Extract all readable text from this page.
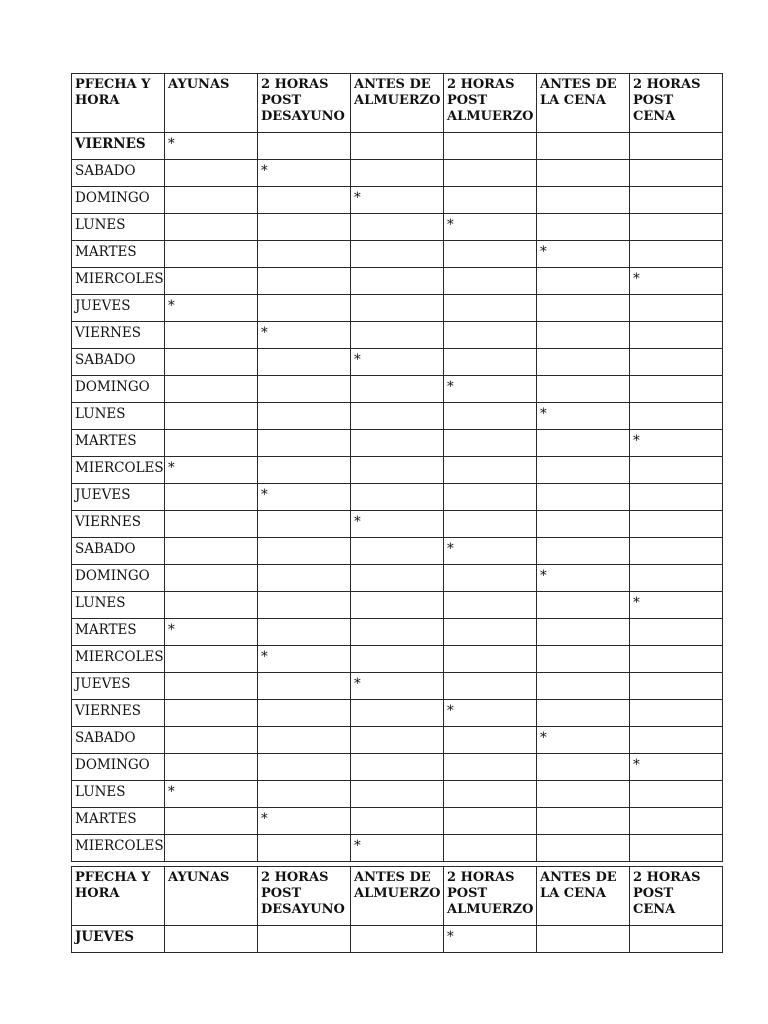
PFECHA Y HORA	AYUNAS	2 HORAS POST DESAYUNO	ANTES DE ALMUERZO	2 HORAS POST ALMUERZO	ANTES DE LA CENA	2 HORAS POST CENA
VIERNES	*					
SABADO		*				
DOMINGO			*			
LUNES				*		
MARTES					*	
MIERCOLES						*
JUEVES	*					
VIERNES		*				
SABADO			*			
DOMINGO				*		
LUNES					*	
MARTES						*
MIERCOLES	*					
JUEVES		*				
VIERNES			*			
SABADO				*		
DOMINGO					*	
LUNES						*
MARTES	*					
MIERCOLES		*				
JUEVES			*			
VIERNES				*		
SABADO					*	
DOMINGO						*
LUNES	*					
MARTES		*				
MIERCOLES			*			
PFECHA Y HORA	AYUNAS	2 HORAS POST DESAYUNO	ANTES DE ALMUERZO	2 HORAS POST ALMUERZO	ANTES DE LA CENA	2 HORAS POST CENA
JUEVES				*		
